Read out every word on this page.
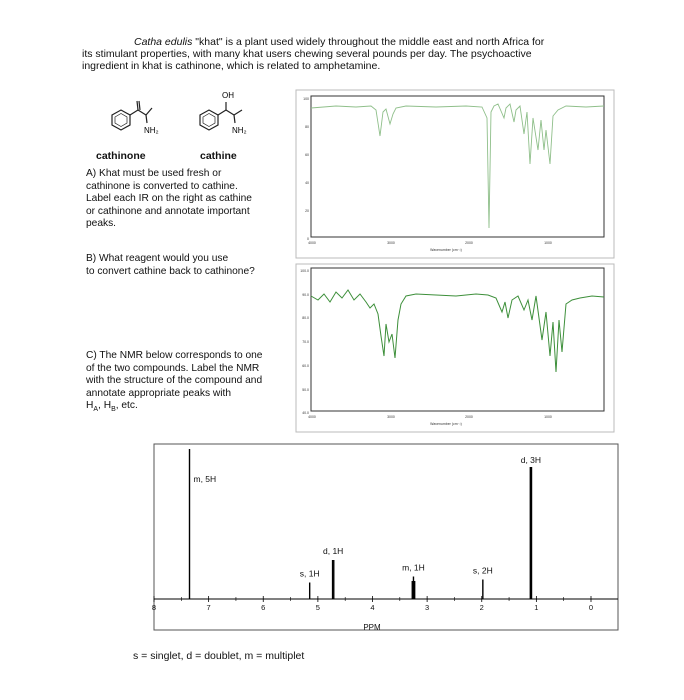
Catha edulis "khat" is a plant used widely throughout the middle east and north Africa for
its stimulant properties, with many khat users chewing several pounds per day. The psychoactive
ingredient in khat is cathinone, which is related to amphetamine.
NH₂
OH
NH₂
cathinone	cathine
A) Khat must be used fresh or
cathinone is converted to cathine.
Label each IR on the right as cathine
or cathinone and annotate important
peaks.
B) What reagent would you use
to convert cathine back to cathinone?
C) The NMR below corresponds to one
of the two compounds. Label the NMR
with the structure of the compound and
annotate appropriate peaks with
$H_A$, $H_B$, etc.
100
80
60
40
20
0
4000	3000	2000	1000
Wavenumber (cm⁻¹)
100.0
90.0
80.0
70.0
60.0
50.0
40.0
4000	3000	2000	1000
Wavenumber (cm⁻¹)
m, 5H
s, 1H
d, 1H
m, 1H	s, 2H
d, 3H
8	7	6	5	4	3	2	1	0
PPM
s = singlet, d = doublet, m = multiplet
